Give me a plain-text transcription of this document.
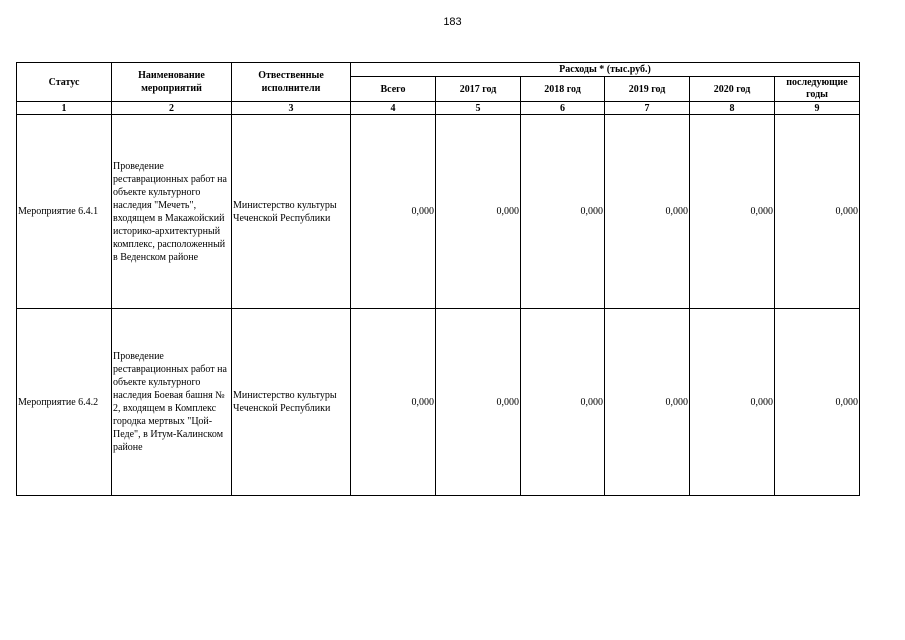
183
Статус	Наименование мероприятий	Отвественные исполнители	Расходы * (тыс.руб.)					
			Всего	2017 год	2018 год	2019 год	2020 год	последующие годы
1	2	3	4	5	6	7	8	9
Мероприятие 6.4.1	Проведение реставрационных работ на объекте культурного наследия "Мечеть", входящем в Макажойский историко-архитектурный комплекс, расположенный в Веденском районе	Министерство культуры Чеченской Республики	0,000	0,000	0,000	0,000	0,000	0,000
Мероприятие 6.4.2	Проведение реставрационных работ на объекте культурного наследия Боевая башня № 2, входящем в Комплекс городка мертвых "Цой- Педе", в Итум-Калинском районе	Министерство культуры Чеченской Республики	0,000	0,000	0,000	0,000	0,000	0,000
